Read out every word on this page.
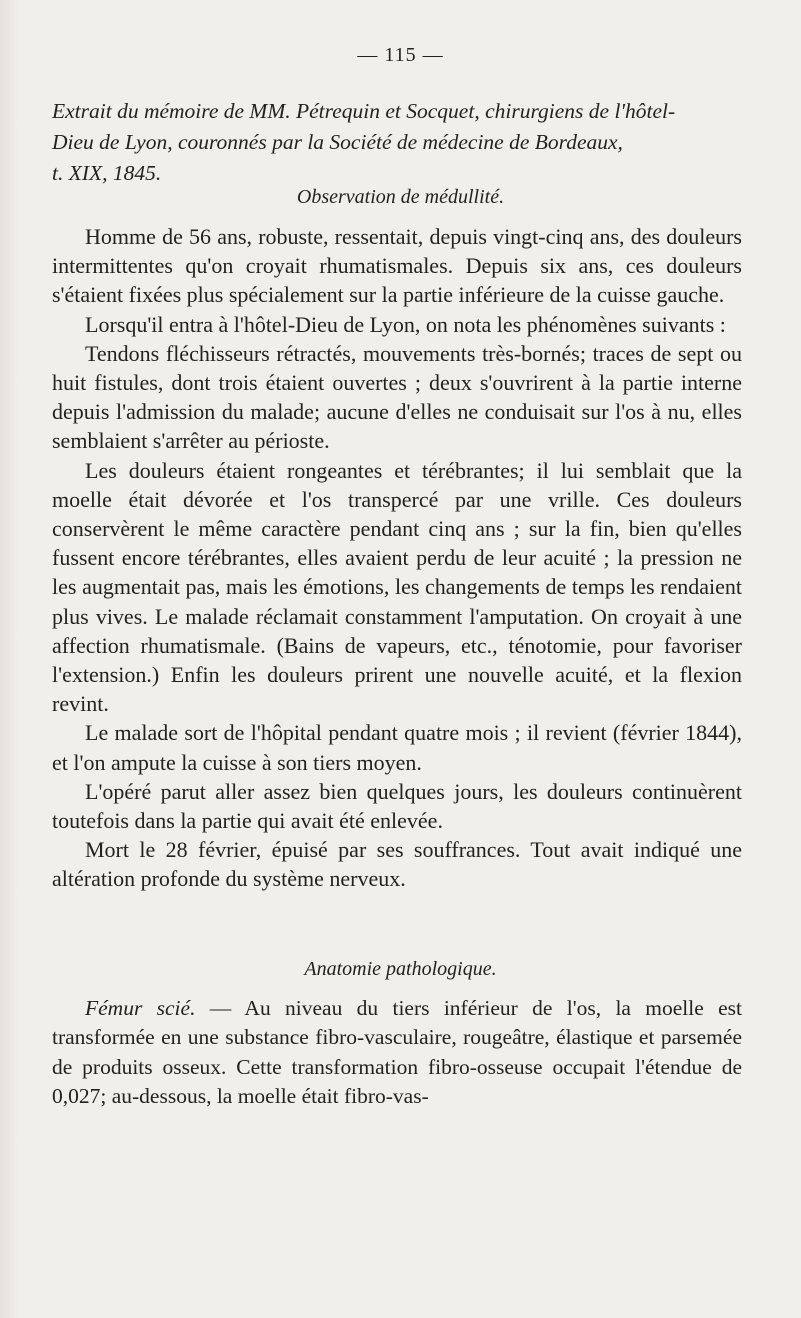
— 115 —
Extrait du mémoire de MM. Pétrequin et Socquet, chirurgiens de l'hôtel-
Dieu de Lyon, couronnés par la Société de médecine de Bordeaux,
t. XIX, 1845.
Observation de médullité.

Homme de 56 ans, robuste, ressentait, depuis vingt-cinq ans, des douleurs intermittentes qu'on croyait rhumatismales. Depuis six ans, ces douleurs s'étaient fixées plus spécialement sur la partie inférieure de la cuisse gauche.

Lorsqu'il entra à l'hôtel-Dieu de Lyon, on nota les phénomènes suivants :

Tendons fléchisseurs rétractés, mouvements très-bornés; traces de sept ou huit fistules, dont trois étaient ouvertes ; deux s'ouvrirent à la partie interne depuis l'admission du malade; aucune d'elles ne conduisait sur l'os à nu, elles semblaient s'arrêter au périoste.

Les douleurs étaient rongeantes et térébrantes; il lui semblait que la moelle était dévorée et l'os transpercé par une vrille. Ces douleurs conservèrent le même caractère pendant cinq ans ; sur la fin, bien qu'elles fussent encore térébrantes, elles avaient perdu de leur acuité ; la pression ne les augmentait pas, mais les émotions, les changements de temps les rendaient plus vives. Le malade réclamait constamment l'amputation. On croyait à une affection rhumatismale. (Bains de vapeurs, etc., ténotomie, pour favoriser l'extension.) Enfin les douleurs prirent une nouvelle acuité, et la flexion revint.

Le malade sort de l'hôpital pendant quatre mois ; il revient (février 1844), et l'on ampute la cuisse à son tiers moyen.

L'opéré parut aller assez bien quelques jours, les douleurs continuèrent toutefois dans la partie qui avait été enlevée.

Mort le 28 février, épuisé par ses souffrances. Tout avait indiqué une altération profonde du système nerveux.

Anatomie pathologique.

Fémur scié. — Au niveau du tiers inférieur de l'os, la moelle est transformée en une substance fibro-vasculaire, rougeâtre, élastique et parsemée de produits osseux. Cette transformation fibro-osseuse occupait l'étendue de 0,027; au-dessous, la moelle était fibro-vas-
